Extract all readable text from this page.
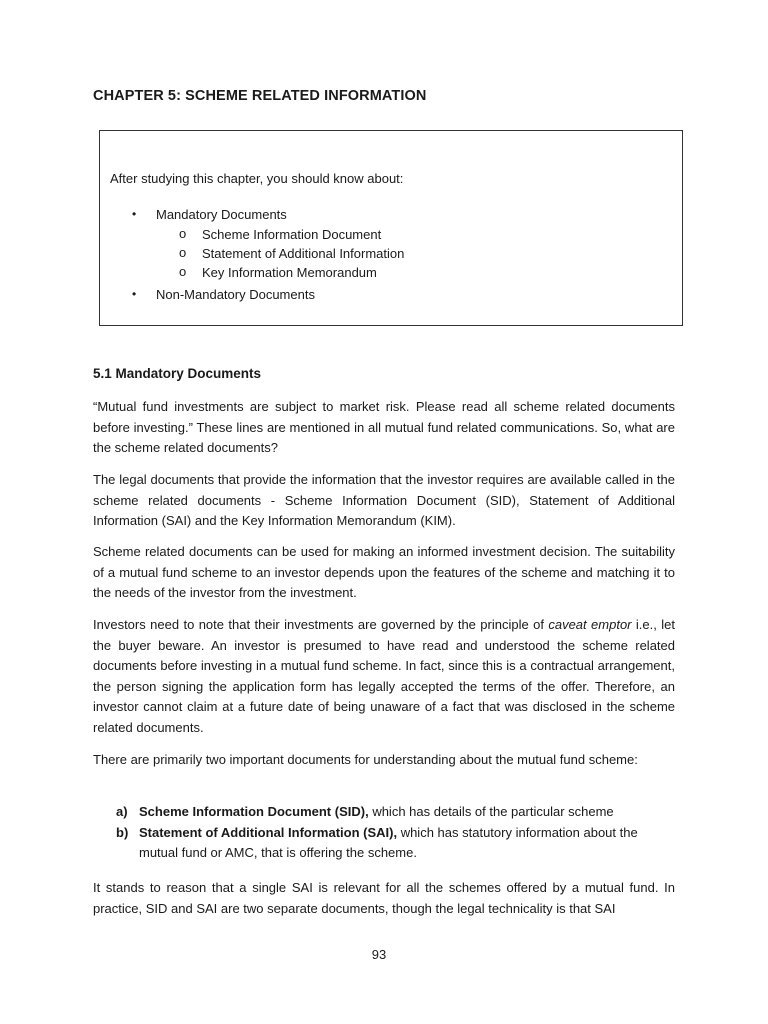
CHAPTER 5: SCHEME RELATED INFORMATION
After studying this chapter, you should know about:
• Mandatory Documents
o Scheme Information Document
o Statement of Additional Information
o Key Information Memorandum
• Non-Mandatory Documents
5.1 Mandatory Documents

“Mutual fund investments are subject to market risk. Please read all scheme related documents before investing.” These lines are mentioned in all mutual fund related communications. So, what are the scheme related documents?

The legal documents that provide the information that the investor requires are available called in the scheme related documents - Scheme Information Document (SID), Statement of Additional Information (SAI) and the Key Information Memorandum (KIM).

Scheme related documents can be used for making an informed investment decision. The suitability of a mutual fund scheme to an investor depends upon the features of the scheme and matching it to the needs of the investor from the investment.

Investors need to note that their investments are governed by the principle of caveat emptor i.e., let the buyer beware. An investor is presumed to have read and understood the scheme related documents before investing in a mutual fund scheme. In fact, since this is a contractual arrangement, the person signing the application form has legally accepted the terms of the offer. Therefore, an investor cannot claim at a future date of being unaware of a fact that was disclosed in the scheme related documents.

There are primarily two important documents for understanding about the mutual fund scheme:

a) Scheme Information Document (SID), which has details of the particular scheme
b) Statement of Additional Information (SAI), which has statutory information about the mutual fund or AMC, that is offering the scheme.

It stands to reason that a single SAI is relevant for all the schemes offered by a mutual fund. In practice, SID and SAI are two separate documents, though the legal technicality is that SAI

93
